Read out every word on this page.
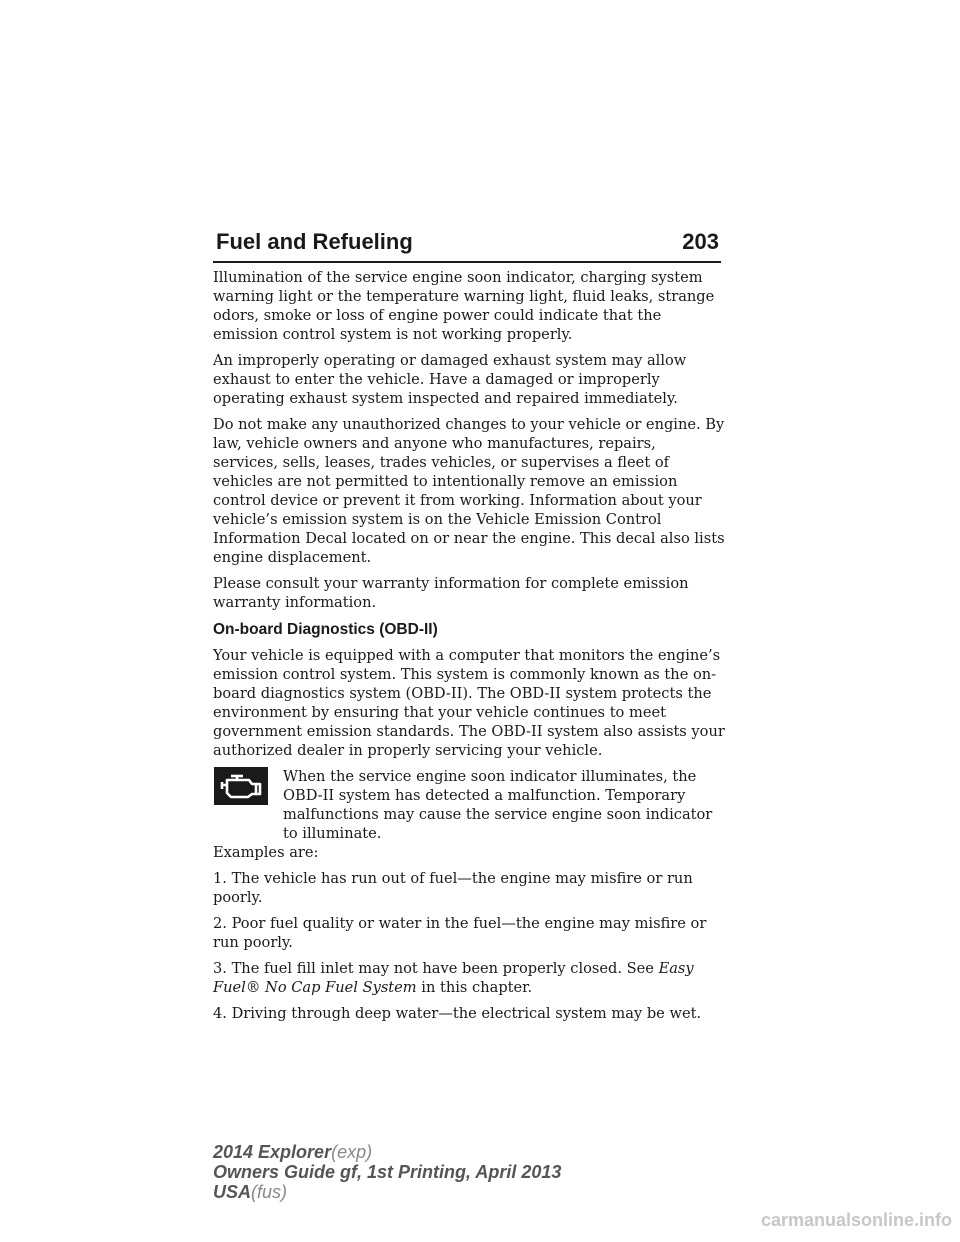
Fuel and Refueling	203

Illumination of the service engine soon indicator, charging system warning light or the temperature warning light, fluid leaks, strange odors, smoke or loss of engine power could indicate that the emission control system is not working properly.

An improperly operating or damaged exhaust system may allow exhaust to enter the vehicle. Have a damaged or improperly operating exhaust system inspected and repaired immediately.

Do not make any unauthorized changes to your vehicle or engine. By law, vehicle owners and anyone who manufactures, repairs, services, sells, leases, trades vehicles, or supervises a fleet of vehicles are not permitted to intentionally remove an emission control device or prevent it from working. Information about your vehicle’s emission system is on the Vehicle Emission Control Information Decal located on or near the engine. This decal also lists engine displacement.

Please consult your warranty information for complete emission warranty information.

On-board Diagnostics (OBD-II)

Your vehicle is equipped with a computer that monitors the engine’s emission control system. This system is commonly known as the on-board diagnostics system (OBD-II). The OBD-II system protects the environment by ensuring that your vehicle continues to meet government emission standards. The OBD-II system also assists your authorized dealer in properly servicing your vehicle.

When the service engine soon indicator illuminates, the OBD-II system has detected a malfunction. Temporary malfunctions may cause the service engine soon indicator to illuminate.

Examples are:

1. The vehicle has run out of fuel—the engine may misfire or run poorly.

2. Poor fuel quality or water in the fuel—the engine may misfire or run poorly.

3. The fuel fill inlet may not have been properly closed. See Easy Fuel® No Cap Fuel System in this chapter.

4. Driving through deep water—the electrical system may be wet.

2014 Explorer(exp)
Owners Guide gf, 1st Printing, April 2013
USA(fus)
carmanualsonline.info
